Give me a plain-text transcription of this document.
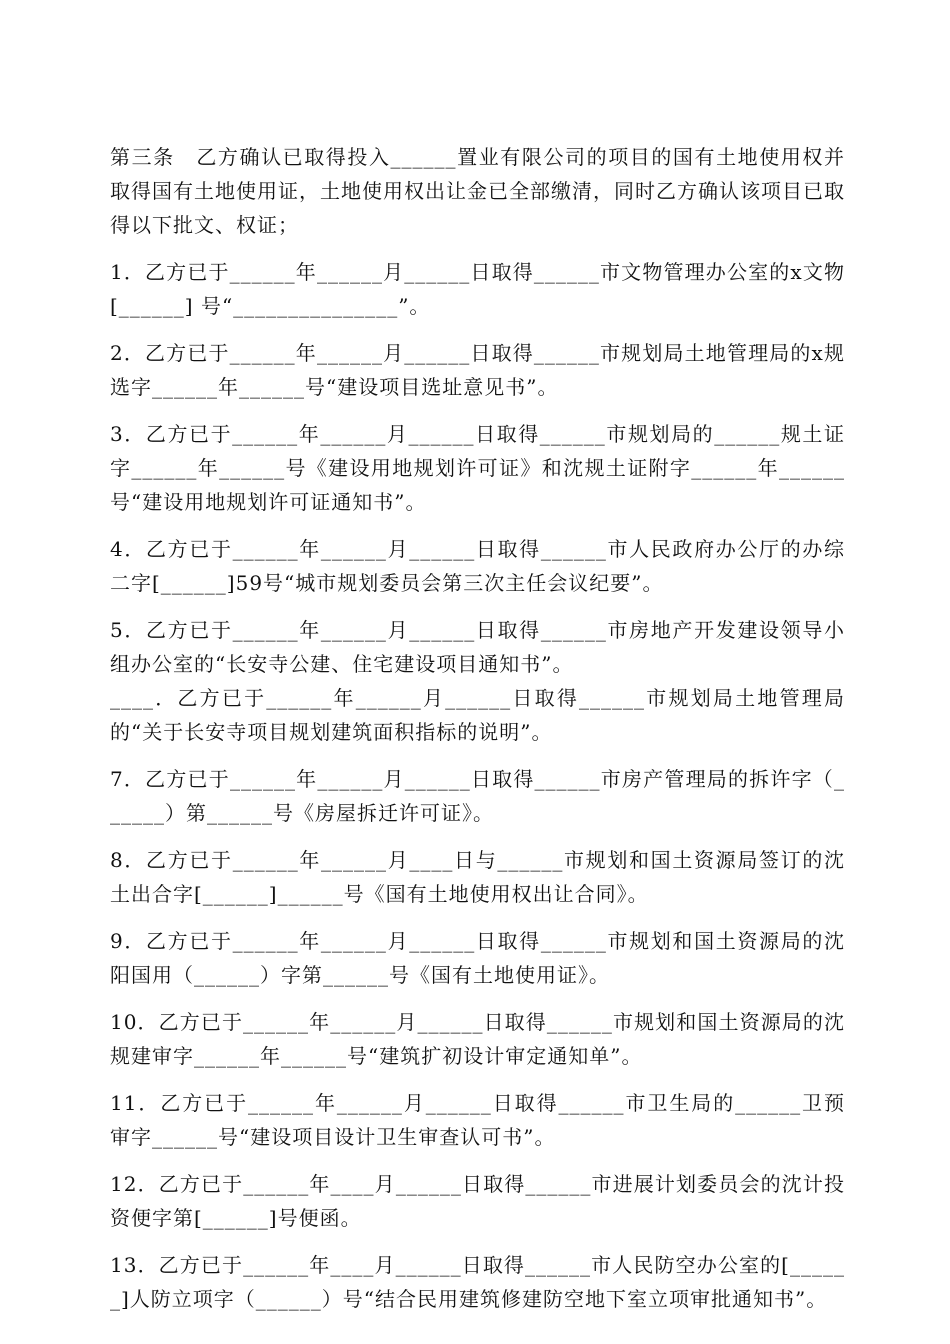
第三条　乙方确认已取得投入______置业有限公司的项目的国有土地使用权并取得国有土地使用证，土地使用权出让金已全部缴清，同时乙方确认该项目已取得以下批文、权证；

1．乙方已于______年______月______日取得______市文物管理办公室的x文物[______] 号“_______________”。

2．乙方已于______年______月______日取得______市规划局土地管理局的x规选字______年______号“建设项目选址意见书”。

3．乙方已于______年______月______日取得______市规划局的______规土证字______年______号《建设用地规划许可证》和沈规土证附字______年______号“建设用地规划许可证通知书”。

4．乙方已于______年______月______日取得______市人民政府办公厅的办综二字[______]59号“城市规划委员会第三次主任会议纪要”。

5．乙方已于______年______月______日取得______市房地产开发建设领导小组办公室的“长安寺公建、住宅建设项目通知书”。

____．乙方已于______年______月______日取得______市规划局土地管理局的“关于长安寺项目规划建筑面积指标的说明”。

7．乙方已于______年______月______日取得______市房产管理局的拆许字（______）第______号《房屋拆迁许可证》。

8．乙方已于______年______月____日与______市规划和国土资源局签订的沈土出合字[______]______号《国有土地使用权出让合同》。

9．乙方已于______年______月______日取得______市规划和国土资源局的沈阳国用（______）字第______号《国有土地使用证》。

10．乙方已于______年______月______日取得______市规划和国土资源局的沈规建审字______年______号“建筑扩初设计审定通知单”。

11．乙方已于______年______月______日取得______市卫生局的______卫预审字______号“建设项目设计卫生审查认可书”。

12．乙方已于______年____月______日取得______市进展计划委员会的沈计投资便字第[______]号便函。

13．乙方已于______年____月______日取得______市人民防空办公室的[______]人防立项字（______）号“结合民用建筑修建防空地下室立项审批通知书”。
